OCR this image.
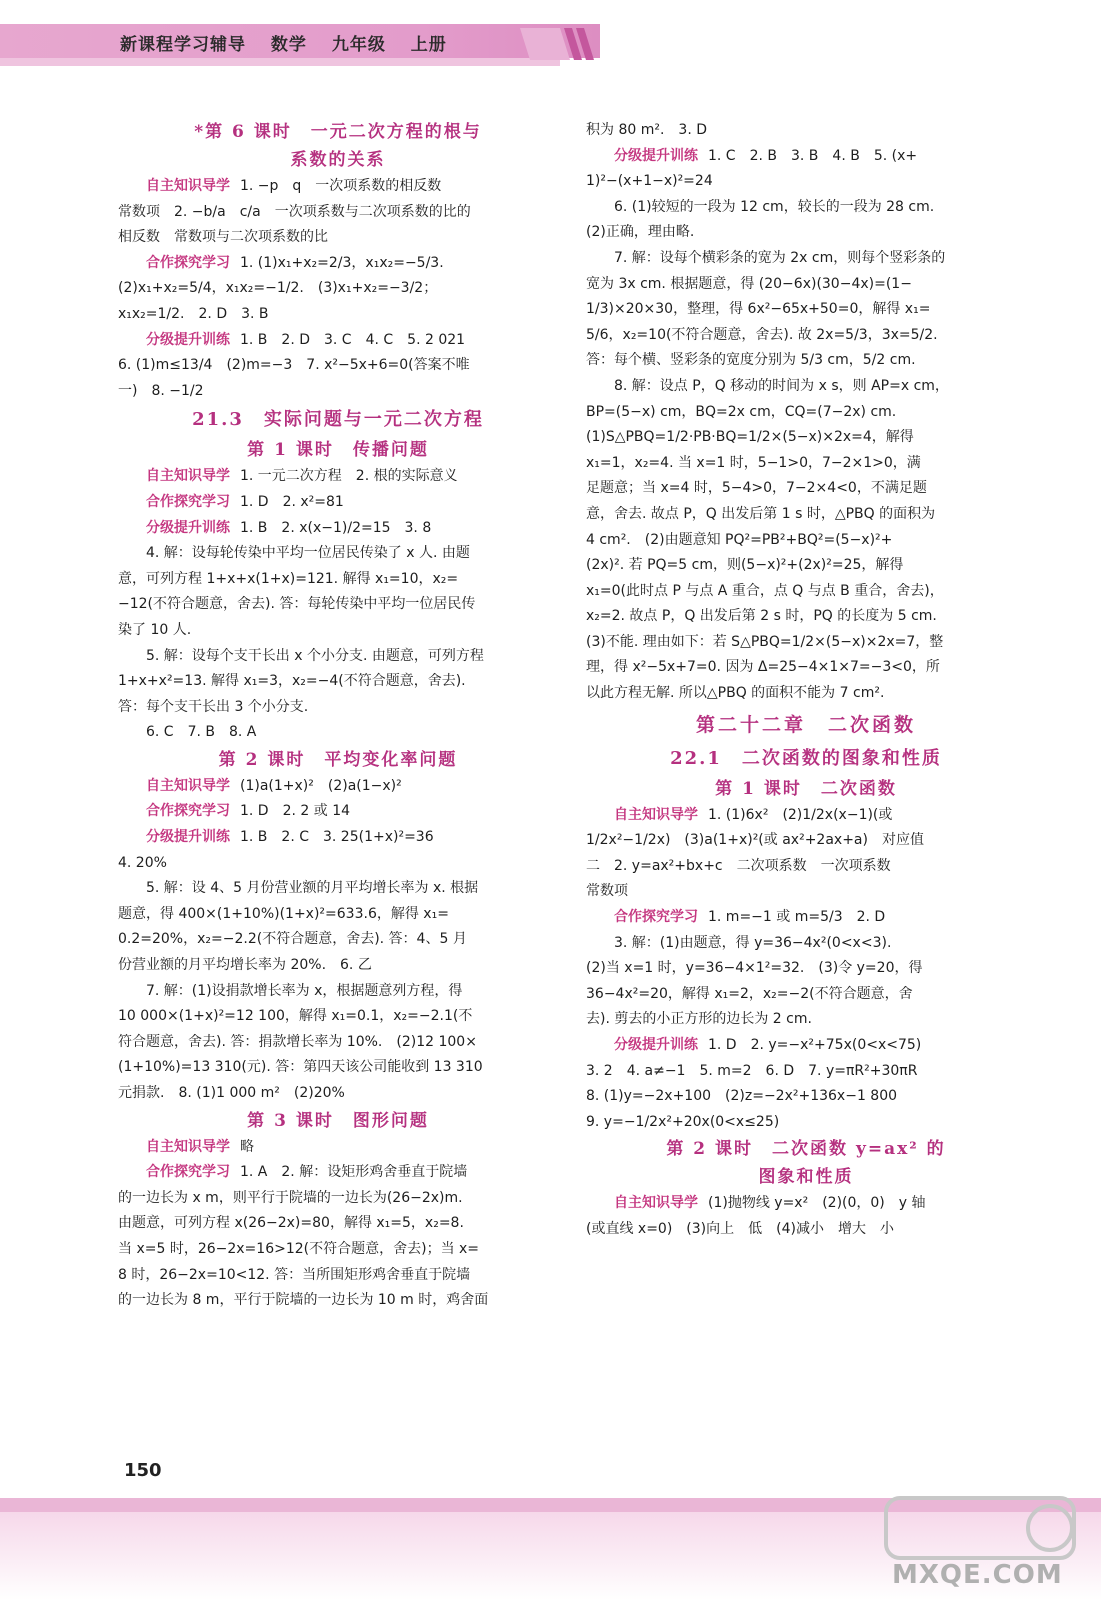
新课程学习辅导 数学 九年级 上册
*第 6 课时　一元二次方程的根与
系数的关系
自主知识导学 1. −p　q　一次项系数的相反数
常数项　2. −b/a　c/a　一次项系数与二次项系数的比的
相反数　常数项与二次项系数的比
合作探究学习 1. (1)x₁+x₂=2/3，x₁x₂=−5/3.
(2)x₁+x₂=5/4，x₁x₂=−1/2.　(3)x₁+x₂=−3/2；
x₁x₂=1/2.　2. D　3. B
分级提升训练 1. B　2. D　3. C　4. C　5. 2 021
6. (1)m≤13/4　(2)m=−3　7. x²−5x+6=0(答案不唯
一)　8. −1/2
21.3　实际问题与一元二次方程
第 1 课时　传播问题
自主知识导学 1. 一元二次方程　2. 根的实际意义
合作探究学习 1. D　2. x²=81
分级提升训练 1. B　2. x(x−1)/2=15　3. 8
4. 解：设每轮传染中平均一位居民传染了 x 人. 由题
意，可列方程 1+x+x(1+x)=121. 解得 x₁=10，x₂=
−12(不符合题意，舍去). 答：每轮传染中平均一位居民传
染了 10 人.
5. 解：设每个支干长出 x 个小分支. 由题意，可列方程
1+x+x²=13. 解得 x₁=3，x₂=−4(不符合题意，舍去).
答：每个支干长出 3 个小分支.
6. C　7. B　8. A
第 2 课时　平均变化率问题
自主知识导学 (1)a(1+x)²　(2)a(1−x)²
合作探究学习 1. D　2. 2 或 14
分级提升训练 1. B　2. C　3. 25(1+x)²=36
4. 20%
5. 解：设 4、5 月份营业额的月平均增长率为 x. 根据
题意，得 400×(1+10%)(1+x)²=633.6，解得 x₁=
0.2=20%，x₂=−2.2(不符合题意，舍去). 答：4、5 月
份营业额的月平均增长率为 20%.　6. 乙
7. 解：(1)设捐款增长率为 x，根据题意列方程，得
10 000×(1+x)²=12 100，解得 x₁=0.1，x₂=−2.1(不
符合题意，舍去). 答：捐款增长率为 10%.　(2)12 100×
(1+10%)=13 310(元). 答：第四天该公司能收到 13 310
元捐款.　8. (1)1 000 m²　(2)20%
第 3 课时　图形问题
自主知识导学 略
合作探究学习 1. A　2. 解：设矩形鸡舍垂直于院墙
的一边长为 x m，则平行于院墙的一边长为(26−2x)m.
由题意，可列方程 x(26−2x)=80，解得 x₁=5，x₂=8.
当 x=5 时，26−2x=16>12(不符合题意，舍去)；当 x=
8 时，26−2x=10<12. 答：当所围矩形鸡舍垂直于院墙
的一边长为 8 m，平行于院墙的一边长为 10 m 时，鸡舍面
积为 80 m².　3. D
分级提升训练 1. C　2. B　3. B　4. B　5. (x+
1)²−(x+1−x)²=24
6. (1)较短的一段为 12 cm，较长的一段为 28 cm.
(2)正确，理由略.
7. 解：设每个横彩条的宽为 2x cm，则每个竖彩条的
宽为 3x cm. 根据题意，得 (20−6x)(30−4x)=(1−
1/3)×20×30，整理，得 6x²−65x+50=0，解得 x₁=
5/6，x₂=10(不符合题意，舍去). 故 2x=5/3，3x=5/2.
答：每个横、竖彩条的宽度分别为 5/3 cm，5/2 cm.
8. 解：设点 P，Q 移动的时间为 x s，则 AP=x cm，
BP=(5−x) cm，BQ=2x cm，CQ=(7−2x) cm.
(1)S△PBQ=1/2·PB·BQ=1/2×(5−x)×2x=4，解得
x₁=1，x₂=4. 当 x=1 时，5−1>0，7−2×1>0，满
足题意；当 x=4 时，5−4>0，7−2×4<0，不满足题
意，舍去. 故点 P，Q 出发后第 1 s 时，△PBQ 的面积为
4 cm².　(2)由题意知 PQ²=PB²+BQ²=(5−x)²+
(2x)². 若 PQ=5 cm，则(5−x)²+(2x)²=25，解得
x₁=0(此时点 P 与点 A 重合，点 Q 与点 B 重合，舍去)，
x₂=2. 故点 P，Q 出发后第 2 s 时，PQ 的长度为 5 cm.
(3)不能. 理由如下：若 S△PBQ=1/2×(5−x)×2x=7，整
理，得 x²−5x+7=0. 因为 Δ=25−4×1×7=−3<0，所
以此方程无解. 所以△PBQ 的面积不能为 7 cm².
第二十二章　二次函数
22.1　二次函数的图象和性质
第 1 课时　二次函数
自主知识导学 1. (1)6x²　(2)1/2x(x−1)(或
1/2x²−1/2x)　(3)a(1+x)²(或 ax²+2ax+a)　对应值
二　2. y=ax²+bx+c　二次项系数　一次项系数
常数项
合作探究学习 1. m=−1 或 m=5/3　2. D
3. 解：(1)由题意，得 y=36−4x²(0<x<3).
(2)当 x=1 时，y=36−4×1²=32.　(3)令 y=20，得
36−4x²=20，解得 x₁=2，x₂=−2(不符合题意，舍
去). 剪去的小正方形的边长为 2 cm.
分级提升训练 1. D　2. y=−x²+75x(0<x<75)
3. 2　4. a≠−1　5. m=2　6. D　7. y=πR²+30πR
8. (1)y=−2x+100　(2)z=−2x²+136x−1 800
9. y=−1/2x²+20x(0<x≤25)
第 2 课时　二次函数 y=ax² 的
图象和性质
自主知识导学 (1)抛物线 y=x²　(2)(0，0)　y 轴
(或直线 x=0)　(3)向上　低　(4)减小　增大　小
150
MXQE.COM
